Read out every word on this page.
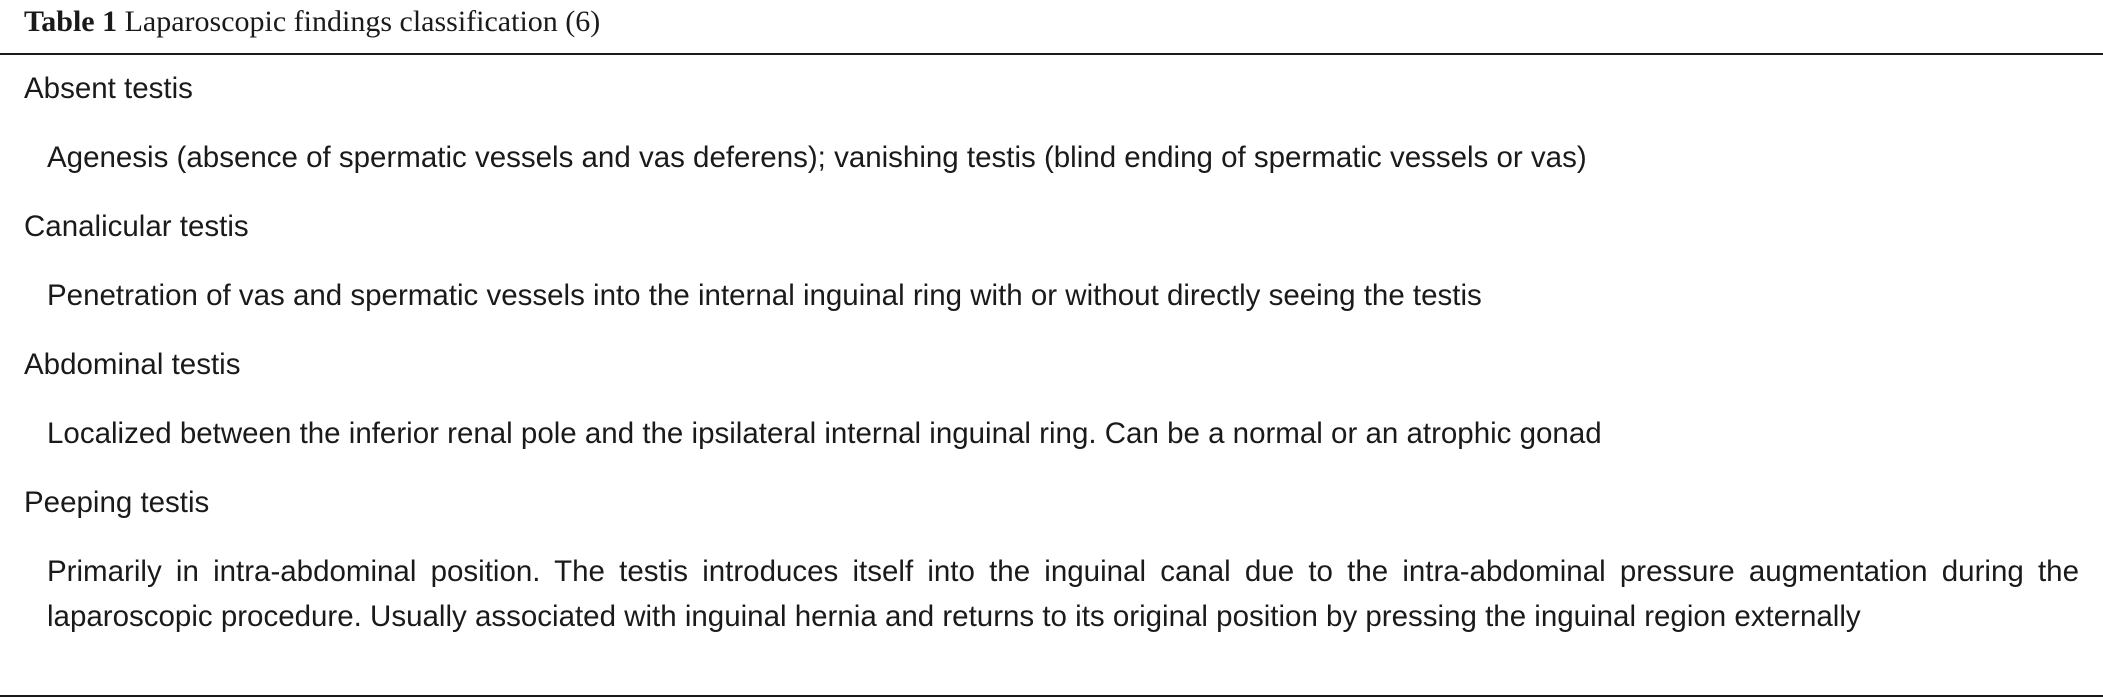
Table 1 Laparoscopic findings classification (6)
Absent testis
Agenesis (absence of spermatic vessels and vas deferens); vanishing testis (blind ending of spermatic vessels or vas)
Canalicular testis
Penetration of vas and spermatic vessels into the internal inguinal ring with or without directly seeing the testis
Abdominal testis
Localized between the inferior renal pole and the ipsilateral internal inguinal ring. Can be a normal or an atrophic gonad
Peeping testis
Primarily in intra-abdominal position. The testis introduces itself into the inguinal canal due to the intra-abdominal pressure augmentation during the laparoscopic procedure. Usually associated with inguinal hernia and returns to its original position by pressing the inguinal region externally
